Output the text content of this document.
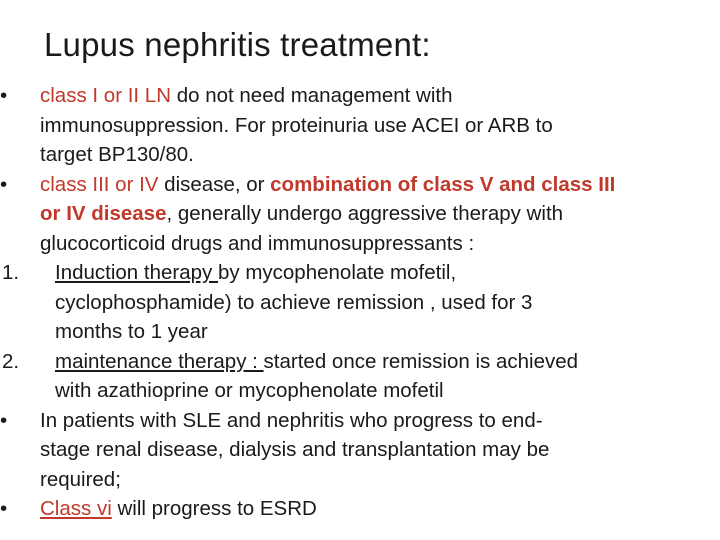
Lupus nephritis treatment:
•	class I or II LN do not need management with
immunosuppression. For proteinuria use ACEI or ARB to
target BP130/80.
•	class III or IV disease, or combination of class V and class III
or IV disease, generally undergo aggressive therapy with
glucocorticoid drugs and immunosuppressants :
1.	Induction therapy by mycophenolate mofetil,
cyclophosphamide) to achieve remission , used for 3
months to 1 year
2.	maintenance therapy : started once remission is achieved
with azathioprine or mycophenolate mofetil
•	In patients with SLE and nephritis who progress to end-
stage renal disease, dialysis and transplantation may be
required;
•	Class vi will progress to ESRD
